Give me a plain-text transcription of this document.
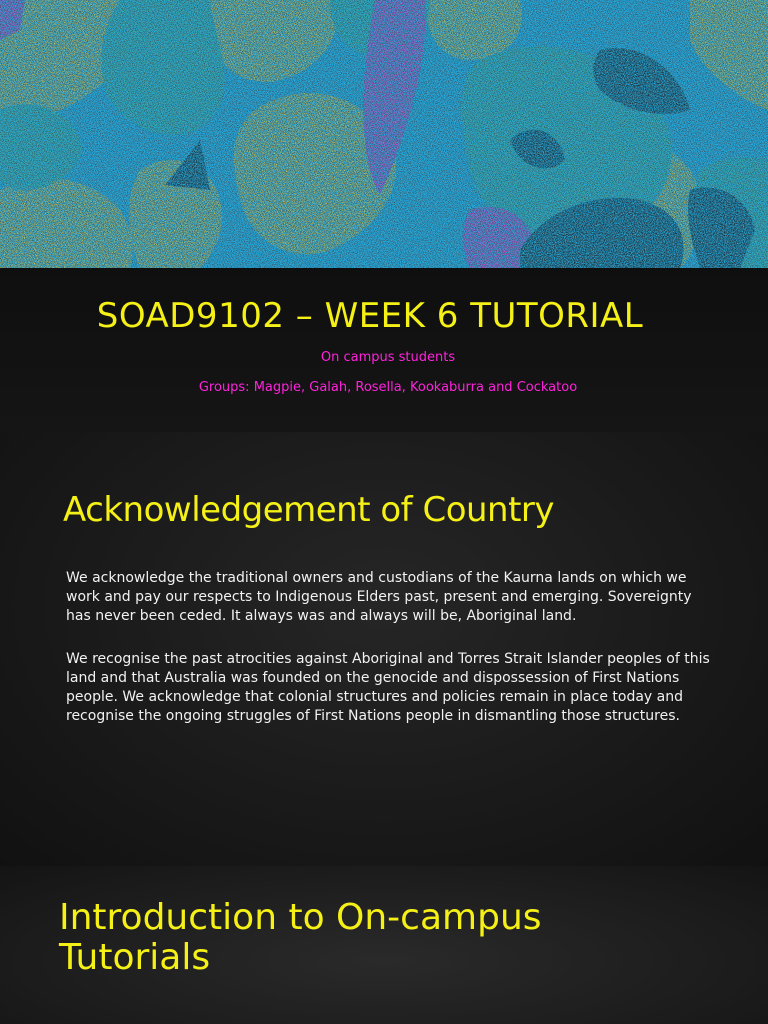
SOAD9102 – WEEK 6 TUTORIAL
On campus students
Groups: Magpie, Galah, Rosella, Kookaburra and Cockatoo
Acknowledgement of Country
We acknowledge the traditional owners and custodians of the Kaurna lands on which we work and pay our respects to Indigenous Elders past, present and emerging. Sovereignty has never been ceded. It always was and always will be, Aboriginal land.
We recognise the past atrocities against Aboriginal and Torres Strait Islander peoples of this land and that Australia was founded on the genocide and dispossession of First Nations people. We acknowledge that colonial structures and policies remain in place today and recognise the ongoing struggles of First Nations people in dismantling those structures.
Introduction to On-campus Tutorials
